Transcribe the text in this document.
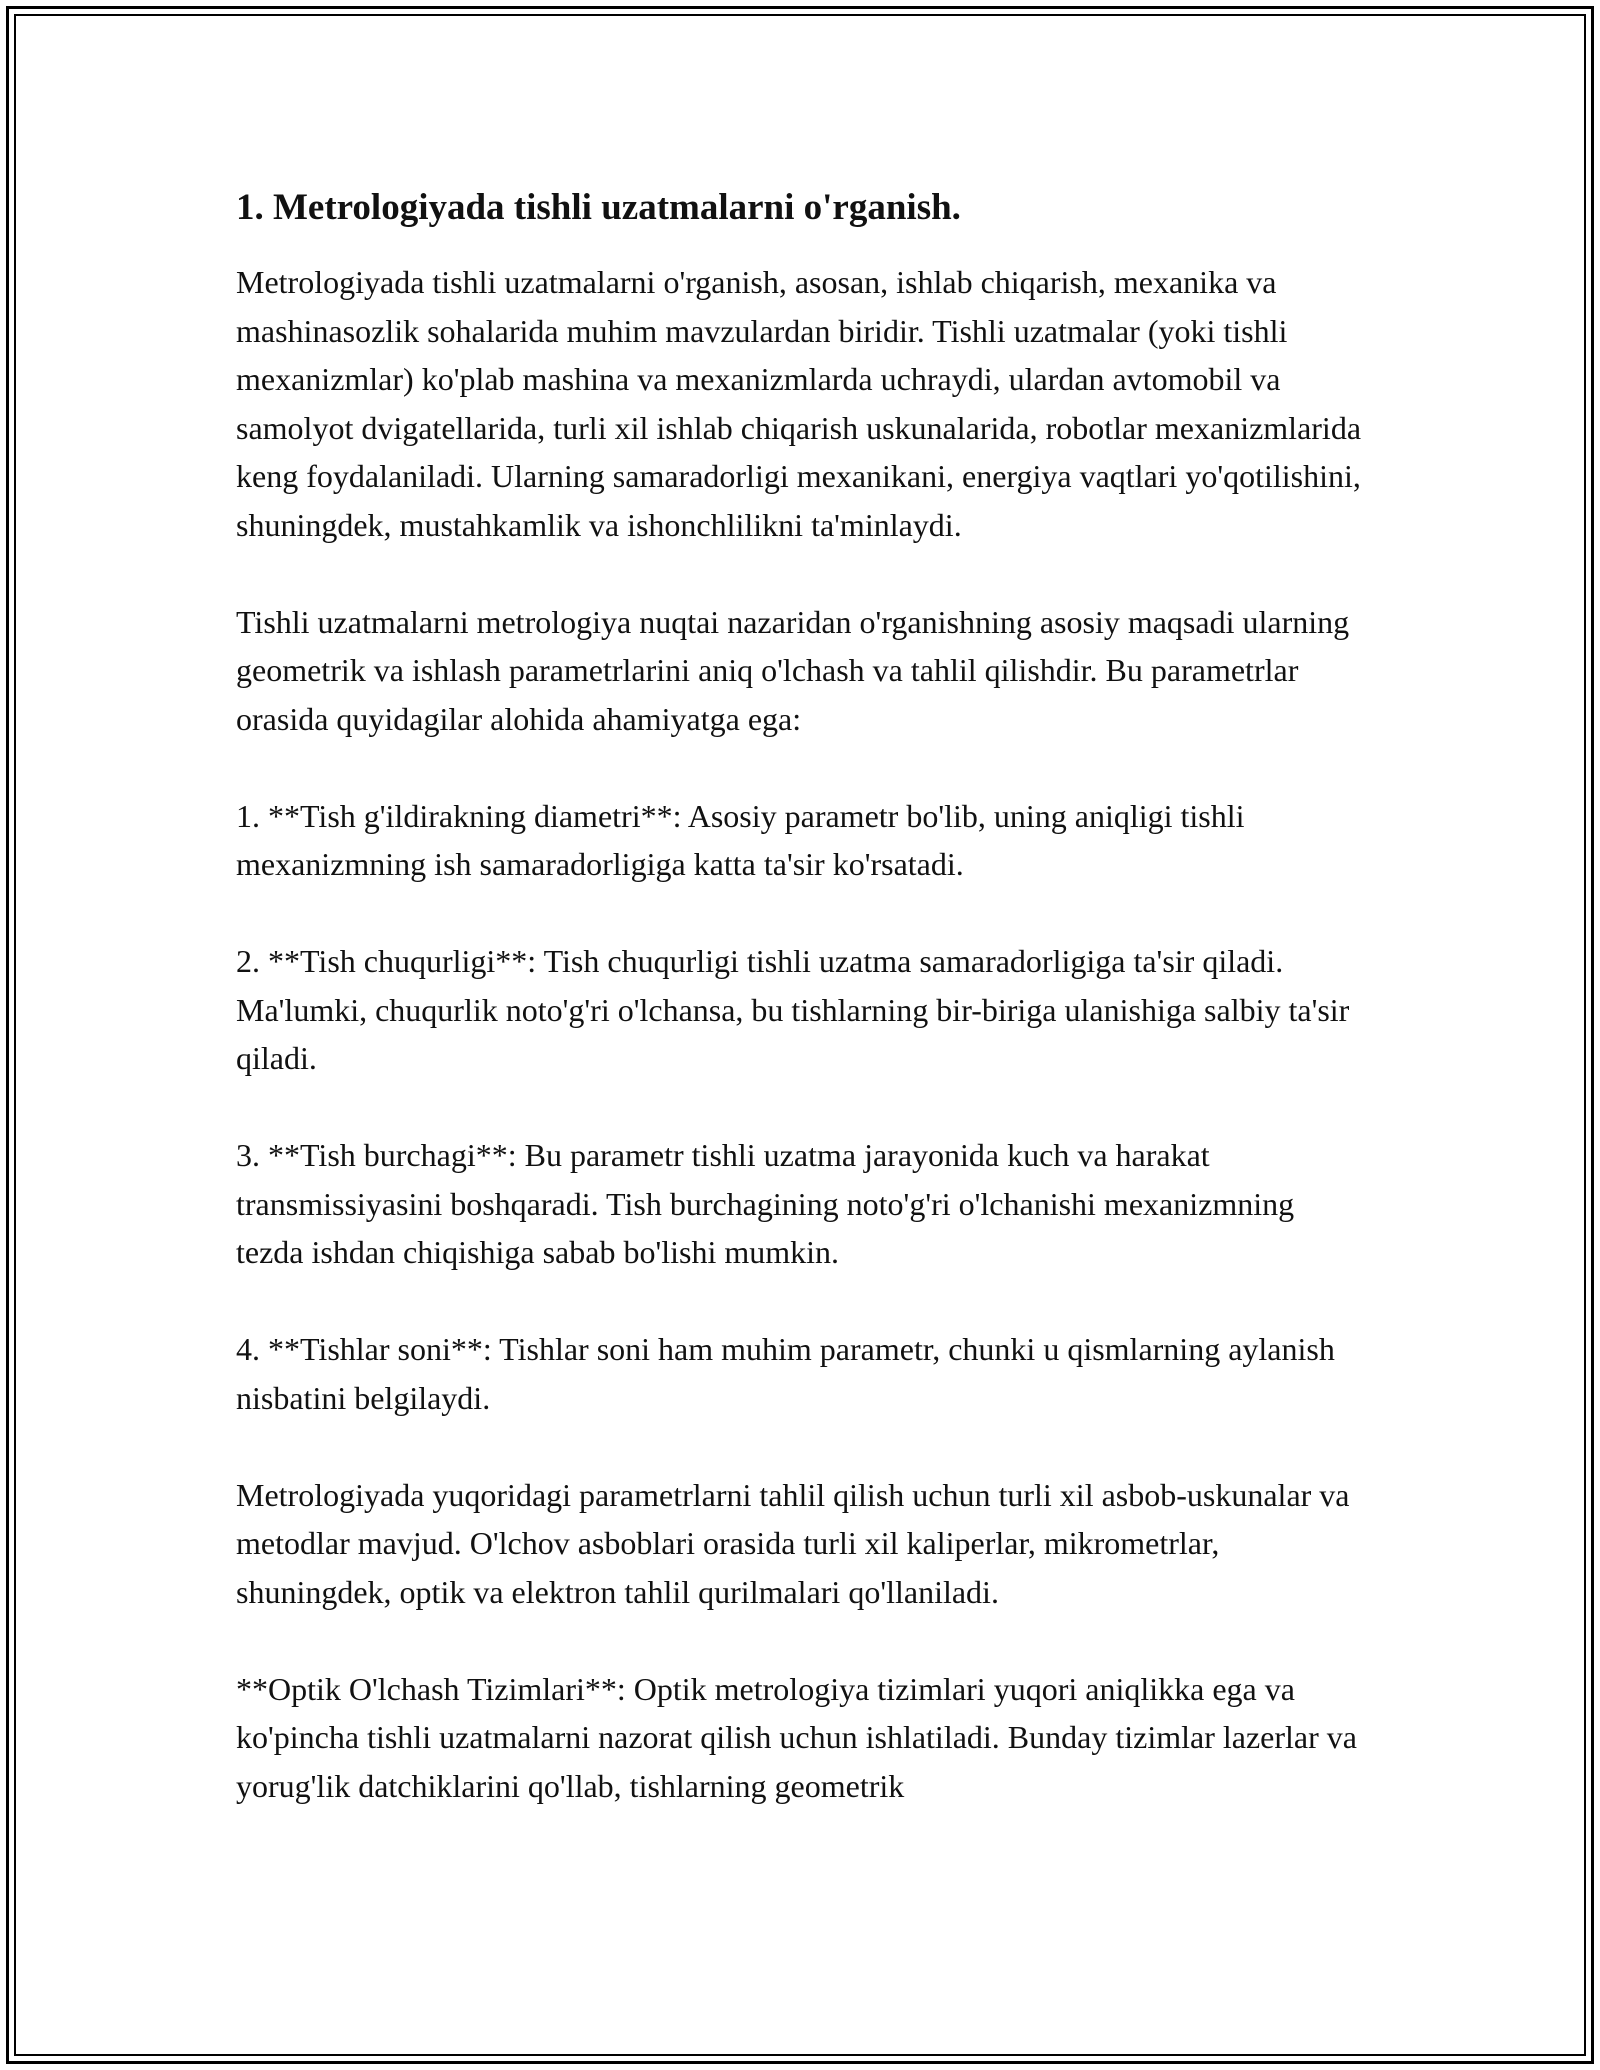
1. Metrologiyada tishli uzatmalarni o'rganish.

Metrologiyada tishli uzatmalarni o'rganish, asosan, ishlab chiqarish, mexanika va mashinasozlik sohalarida muhim mavzulardan biridir. Tishli uzatmalar (yoki tishli mexanizmlar) ko'plab mashina va mexanizmlarda uchraydi, ulardan avtomobil va samolyot dvigatellarida, turli xil ishlab chiqarish uskunalarida, robotlar mexanizmlarida keng foydalaniladi. Ularning samaradorligi mexanikani, energiya vaqtlari yo'qotilishini, shuningdek, mustahkamlik va ishonchlilikni ta'minlaydi.

Tishli uzatmalarni metrologiya nuqtai nazaridan o'rganishning asosiy maqsadi ularning geometrik va ishlash parametrlarini aniq o'lchash va tahlil qilishdir. Bu parametrlar orasida quyidagilar alohida ahamiyatga ega:

1. **Tish g'ildirakning diametri**: Asosiy parametr bo'lib, uning aniqligi tishli mexanizmning ish samaradorligiga katta ta'sir ko'rsatadi.

2. **Tish chuqurligi**: Tish chuqurligi tishli uzatma samaradorligiga ta'sir qiladi. Ma'lumki, chuqurlik noto'g'ri o'lchansa, bu tishlarning bir-biriga ulanishiga salbiy ta'sir qiladi.

3. **Tish burchagi**: Bu parametr tishli uzatma jarayonida kuch va harakat transmissiyasini boshqaradi. Tish burchagining noto'g'ri o'lchanishi mexanizmning tezda ishdan chiqishiga sabab bo'lishi mumkin.

4. **Tishlar soni**: Tishlar soni ham muhim parametr, chunki u qismlarning aylanish nisbatini belgilaydi.

Metrologiyada yuqoridagi parametrlarni tahlil qilish uchun turli xil asbob-uskunalar va metodlar mavjud. O'lchov asboblari orasida turli xil kaliperlar, mikrometrlar, shuningdek, optik va elektron tahlil qurilmalari qo'llaniladi.

**Optik O'lchash Tizimlari**: Optik metrologiya tizimlari yuqori aniqlikka ega va ko'pincha tishli uzatmalarni nazorat qilish uchun ishlatiladi. Bunday tizimlar lazerlar va yorug'lik datchiklarini qo'llab, tishlarning geometrik
